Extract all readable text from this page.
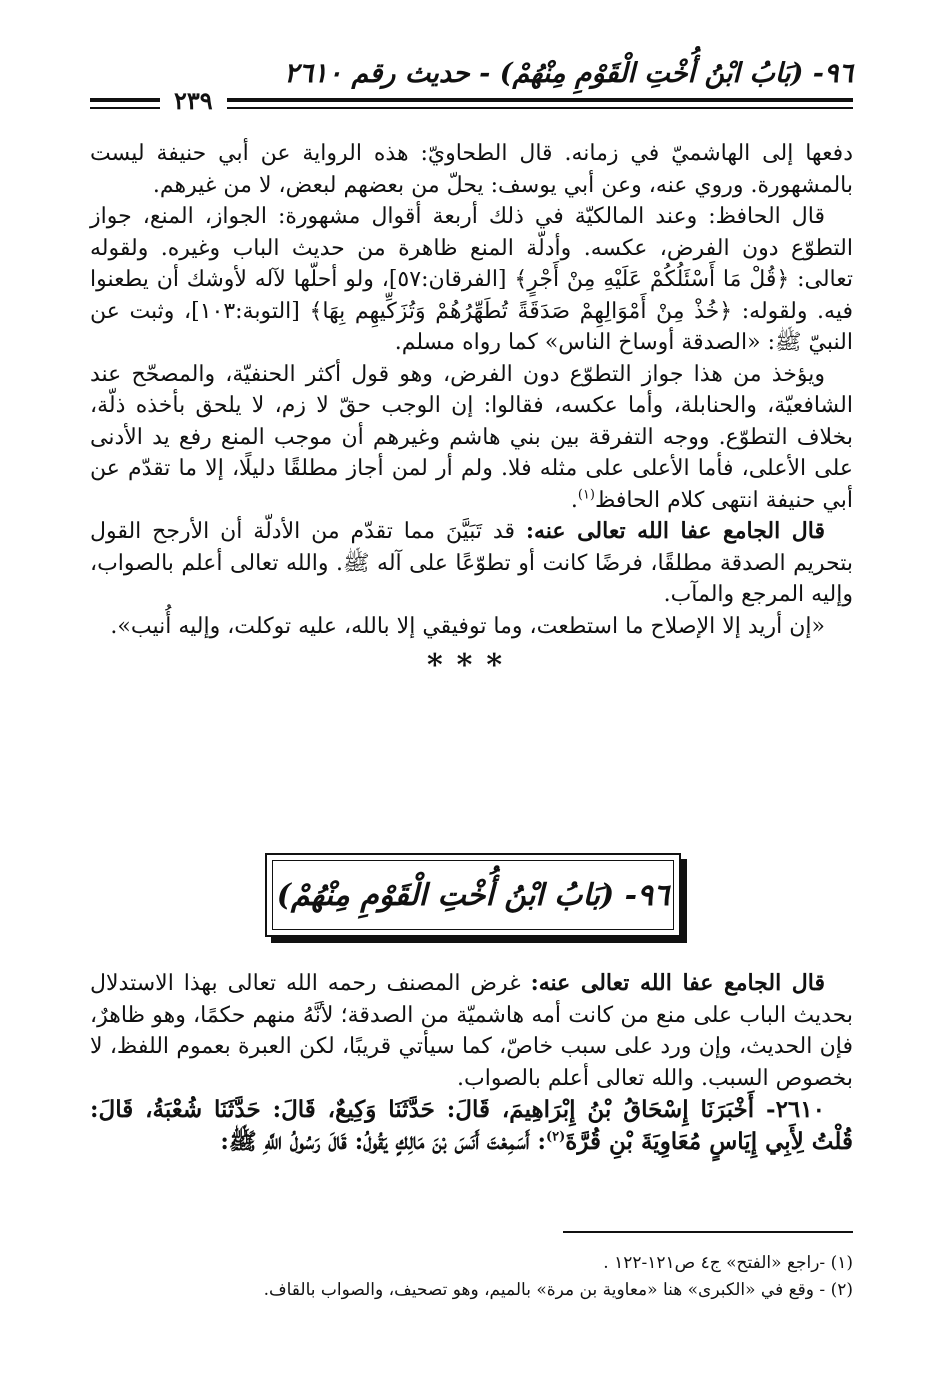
٩٦- (بَابُ ابْنُ أُخْتِ الْقَوْمِ مِنْهُمْ) - حديث رقم ٢٦١٠
٢٣٩

دفعها إلى الهاشميّ في زمانه. قال الطحاويّ: هذه الرواية عن أبي حنيفة ليست بالمشهورة. وروي عنه، وعن أبي يوسف: يحلّ من بعضهم لبعض، لا من غيرهم.

قال الحافظ: وعند المالكيّة في ذلك أربعة أقوال مشهورة: الجواز، المنع، جواز التطوّع دون الفرض، عكسه. وأدلّة المنع ظاهرة من حديث الباب وغيره. ولقوله تعالى: ﴿قُلْ مَا أَسْئَلُكُمْ عَلَيْهِ مِنْ أَجْرٍ﴾ [الفرقان:٥٧]، ولو أحلّها لآله لأوشك أن يطعنوا فيه. ولقوله: ﴿خُذْ مِنْ أَمْوَالِهِمْ صَدَقَةً تُطَهِّرُهُمْ وَتُزَكِّيهِم بِهَا﴾ [التوبة:١٠٣]، وثبت عن النبيّ ﷺ: «الصدقة أوساخ الناس» كما رواه مسلم.

ويؤخذ من هذا جواز التطوّع دون الفرض، وهو قول أكثر الحنفيّة، والمصحّح عند الشافعيّة، والحنابلة، وأما عكسه، فقالوا: إن الوجب حقّ لا زم، لا يلحق بأخذه ذلّة، بخلاف التطوّع. ووجه التفرقة بين بني هاشم وغيرهم أن موجب المنع رفع يد الأدنى على الأعلى، فأما الأعلى على مثله فلا. ولم أر لمن أجاز مطلقًا دليلًا، إلا ما تقدّم عن أبي حنيفة انتهى كلام الحافظ$^{(١)}$.

قال الجامع عفا الله تعالى عنه: قد تَبَيَّنَ مما تقدّم من الأدلّة أن الأرجح القول بتحريم الصدقة مطلقًا، فرضًا كانت أو تطوّعًا على آله ﷺ. والله تعالى أعلم بالصواب، وإليه المرجع والمآب.

«إن أريد إلا الإصلاح ما استطعت، وما توفيقي إلا بالله، عليه توكلت، وإليه أُنيب».

***
٩٦- (بَابُ ابْنُ أُخْتِ الْقَوْمِ مِنْهُمْ)

قال الجامع عفا الله تعالى عنه: غرض المصنف رحمه الله تعالى بهذا الاستدلال بحديث الباب على منع من كانت أمه هاشميّة من الصدقة؛ لأنَّهُ منهم حكمًا، وهو ظاهرٌ، فإن الحديث، وإن ورد على سبب خاصّ، كما سيأتي قريبًا، لكن العبرة بعموم اللفظ، لا بخصوص السبب. والله تعالى أعلم بالصواب.

٢٦١٠- أَخْبَرَنَا إِسْحَاقُ بْنُ إِبْرَاهِيمَ، قَالَ: حَدَّثَنَا وَكِيعٌ، قَالَ: حَدَّثَنَا شُعْبَةُ، قَالَ: قُلْتُ لِأَبِي إِيَاسٍ مُعَاوِيَةَ بْنِ قُرَّةَ$^{(٢)}$: أَسَمِعْتَ أَنَسَ بْنَ مَالِكٍ يَقُولُ: قَالَ رَسُولُ اللَّهِ ﷺ:

(١) -راجع «الفتح» ج٤ ص١٢١-١٢٢ .

(٢) - وقع في «الكبرى» هنا «معاوية بن مرة» بالميم، وهو تصحيف، والصواب بالقاف.
